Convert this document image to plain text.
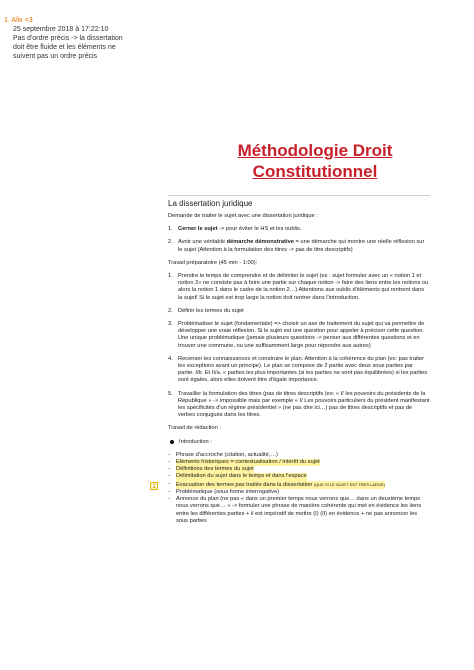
1. Alix <3
25 septembre 2018 à 17:22:10
Pas d'ordre précis -> la dissertation doit être fluide et les éléments ne suivent pas un ordre précis
Méthodologie Droit
Constitutionnel
La dissertation juridique
1

Demande de traiter le sujet avec une dissertation juridique :

1. Cerner le sujet -> pour éviter le HS et les oublis.
2. Avoir une véritable démarche démonstrative = une démarche qui montre une réelle réflexion sur le sujet (Attention à la formulation des titres -> pas de titre descriptifs)

Travail préparatoire (45 min - 1:00):

1. Prendre le temps de comprendre et de délimiter le sujet (ex : sujet formuler avec un « notion 1 et notion 2» ne consiste pas à faire une partie sur chaque notion -> faire des liens entre les notions ou alors la notion 1 dans le cadre de la notion 2…) Attentions aux oublis d'éléments qui rentrent dans la sujet! Si le sujet est trop large la notion doit rentrer dans l'introduction.
2. Définir les termes du sujet
3. Problématiser le sujet (fondamentale) => choisir un axe de traitement du sujet qui va permettre de développer une vraie réflexion. Si le sujet est une question pour appeler à préciser cette question. Une unique problématique (jamais plusieurs questions -> penser aux différentes questions et en trouver une commune, ou une suffisamment large pour répondre aux autres)
4. Recenser les connaissances et construire le plan. Attention à la cohérence du plan (ex: pas traiter les exceptions avant un principe). Le plan se compose de 2 partie avec deux sous parties par partie. I/b. Et II/a. « parties les plus importantes (si les parties ne sont pas équilibrées) si les parties sont égales, alors elles doivent être d'égale importance.
5. Travailler la formulation des titres (pas de titres descriptifs (ex: « I/ les pouvoirs du présidents de la République » -> impossible mais par exemple « I/ Les pouvoirs particuliers du président manifestant les spécificités d'un régime présidentiel » (ne pas dire ici…) pas de titres descriptifs et pas de verbes conjugués dans les titres.

Travail de rédaction :

Introduction :
-	Phrase d'accroche (citation, actualité,…)
-	Eléments historiques = contextualisation / intérêt du sujet
-	Définitions des termes du sujet
-	Délimitation du sujet dans le temps et dans l'espace
-	Evacuation des termes pas traités dans la dissertation (QUE SI LE SUJET EST TRES LARGE)
-	Problématique (sous forme interrogative)
-	Annonce du plan (ne pas « dans un premier temps nous verrons que… dans un deuxième temps nous verrons que… » -> formuler une phrase de manière cohérente qui met en évidence les liens entre les différentes parties + il est impératif de mettre (I) (II) en évidence + ne pas annoncer les sous parties
